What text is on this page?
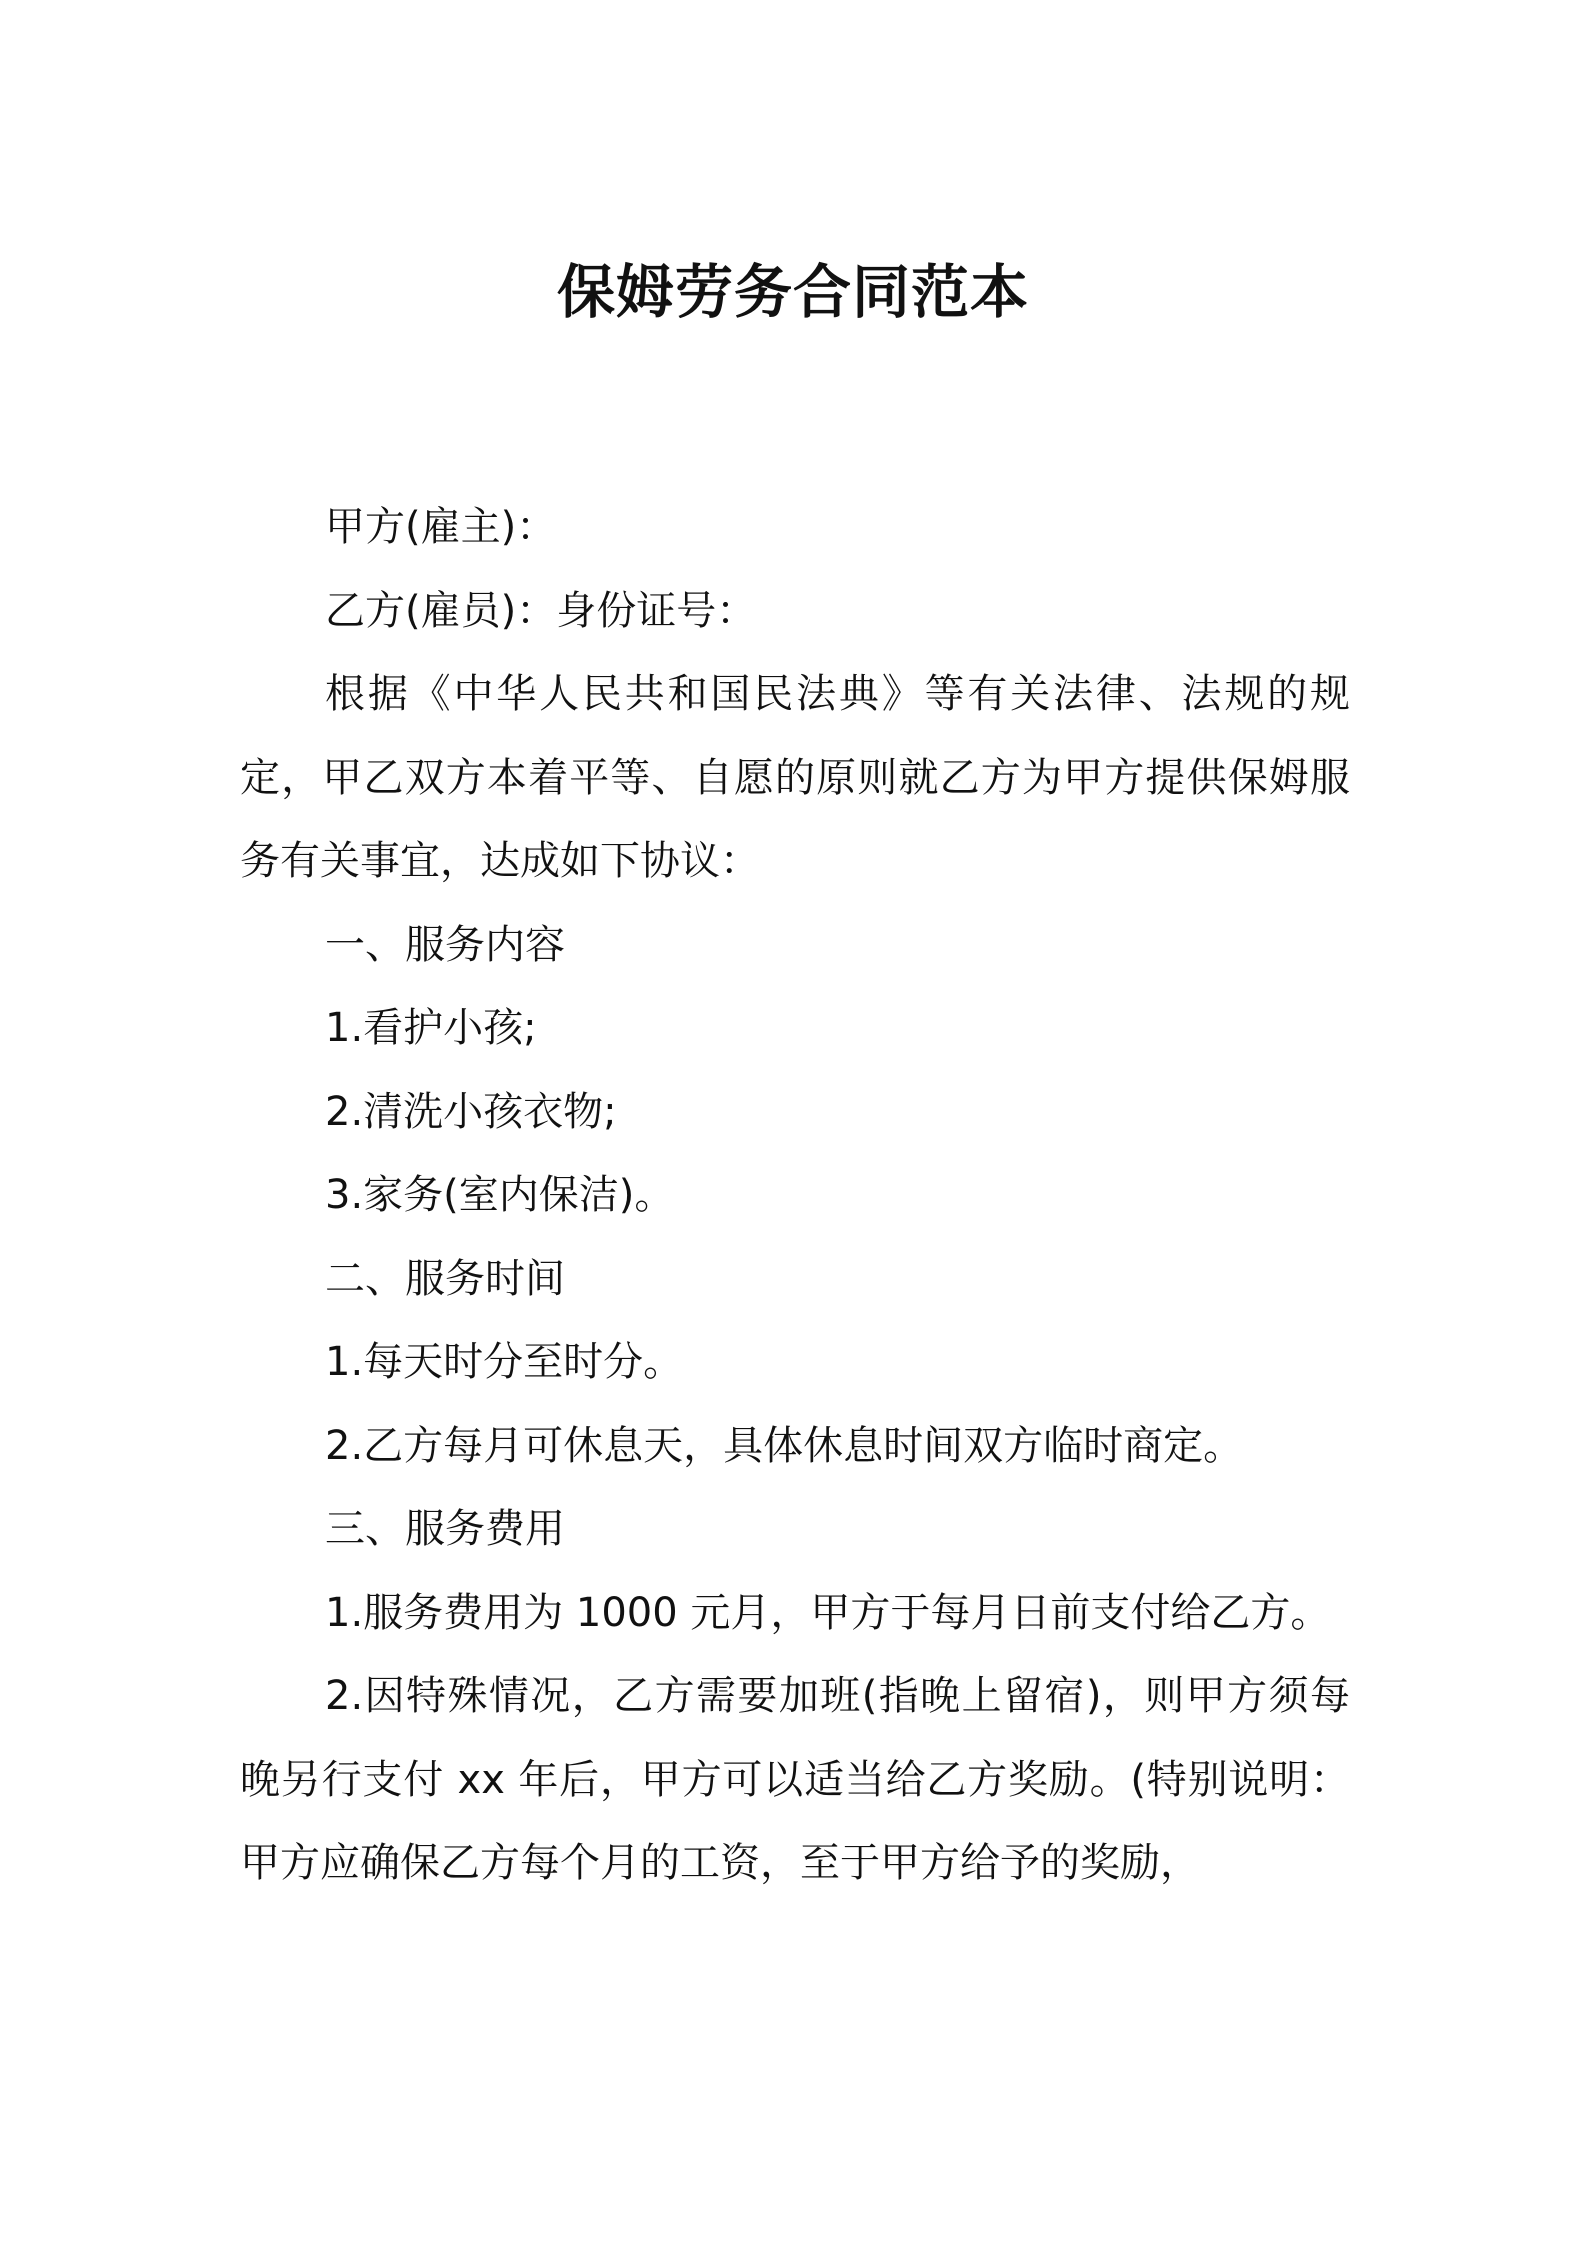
保姆劳务合同范本

甲方(雇主)：

乙方(雇员)：身份证号：

根据《中华人民共和国民法典》等有关法律、法规的规定，甲乙双方本着平等、自愿的原则就乙方为甲方提供保姆服务有关事宜，达成如下协议：

一、服务内容

1.看护小孩;

2.清洗小孩衣物;

3.家务(室内保洁)。

二、服务时间

1.每天时分至时分。

2.乙方每月可休息天，具体休息时间双方临时商定。

三、服务费用

1.服务费用为 1000 元月，甲方于每月日前支付给乙方。

2.因特殊情况，乙方需要加班(指晚上留宿)，则甲方须每晚另行支付 xx 年后，甲方可以适当给乙方奖励。(特别说明：甲方应确保乙方每个月的工资，至于甲方给予的奖励，
